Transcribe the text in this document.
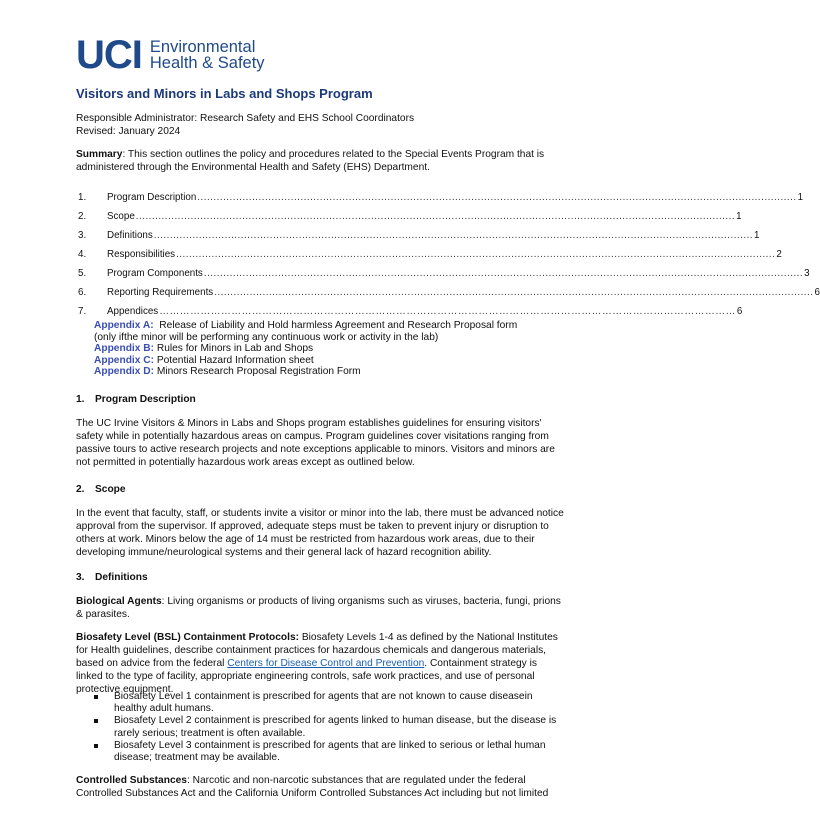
UCI Environmental
Health & Safety
Visitors and Minors in Labs and Shops Program
Responsible Administrator: Research Safety and EHS School Coordinators
Revised: January 2024
Summary: This section outlines the policy and procedures related to the Special Events Program that is administered through the Environmental Health and Safety (EHS) Department.
1.	Program Description .......................................................................................................................................................................................... 1
2.	Scope .......................................................................................................................................................................................... 1
3.	Definitions .......................................................................................................................................................................................... 1
4.	Responsibilities .......................................................................................................................................................................................... 2
5.	Program Components .......................................................................................................................................................................................... 3
6.	Reporting Requirements .......................................................................................................................................................................................... 6
7.	Appendices …………………………………………………………………………………………………………………………………………………… 6
Appendix A: Release of Liability and Hold harmless Agreement and Research Proposal form (only ifthe minor will be performing any continuous work or activity in the lab)
Appendix B: Rules for Minors in Lab and Shops
Appendix C: Potential Hazard Information sheet
Appendix D: Minors Research Proposal Registration Form
1. Program Description
The UC Irvine Visitors & Minors in Labs and Shops program establishes guidelines for ensuring visitors' safety while in potentially hazardous areas on campus. Program guidelines cover visitations ranging from passive tours to active research projects and note exceptions applicable to minors. Visitors and minors are not permitted in potentially hazardous work areas except as outlined below.
2. Scope
In the event that faculty, staff, or students invite a visitor or minor into the lab, there must be advanced notice approval from the supervisor. If approved, adequate steps must be taken to prevent injury or disruption to others at work. Minors below the age of 14 must be restricted from hazardous work areas, due to their developing immune/neurological systems and their general lack of hazard recognition ability.
3. Definitions
Biological Agents: Living organisms or products of living organisms such as viruses, bacteria, fungi, prions & parasites.
Biosafety Level (BSL) Containment Protocols: Biosafety Levels 1-4 as defined by the National Institutes for Health guidelines, describe containment practices for hazardous chemicals and dangerous materials, based on advice from the federal Centers for Disease Control and Prevention. Containment strategy is linked to the type of facility, appropriate engineering controls, safe work practices, and use of personal protective equipment.
Biosafety Level 1 containment is prescribed for agents that are not known to cause diseasein healthy adult humans.
Biosafety Level 2 containment is prescribed for agents linked to human disease, but the disease is rarely serious; treatment is often available.
Biosafety Level 3 containment is prescribed for agents that are linked to serious or lethal human disease; treatment may be available.
Controlled Substances: Narcotic and non-narcotic substances that are regulated under the federal Controlled Substances Act and the California Uniform Controlled Substances Act including but not limited
